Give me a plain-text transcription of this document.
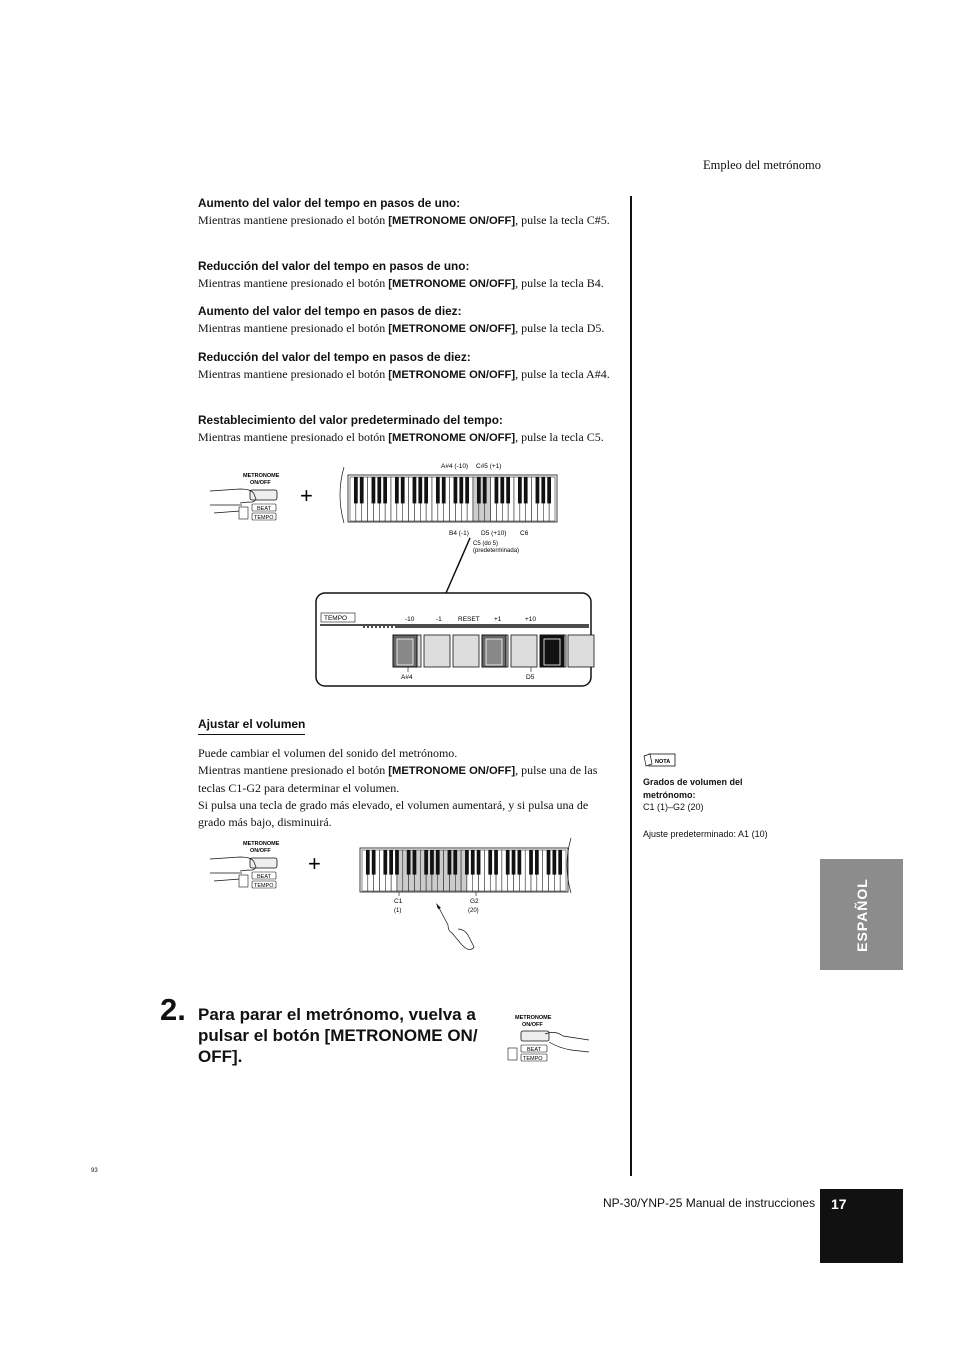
Empleo del metrónomo

Aumento del valor del tempo en pasos de uno:

Mientras mantiene presionado el botón [METRONOME ON/OFF], pulse la tecla C#5.

Reducción del valor del tempo en pasos de uno:

Mientras mantiene presionado el botón [METRONOME ON/OFF], pulse la tecla B4.

Aumento del valor del tempo en pasos de diez:

Mientras mantiene presionado el botón [METRONOME ON/OFF], pulse la tecla D5.

Reducción del valor del tempo en pasos de diez:

Mientras mantiene presionado el botón [METRONOME ON/OFF], pulse la tecla A#4.

Restablecimiento del valor predeterminado del tempo:

Mientras mantiene presionado el botón [METRONOME ON/OFF], pulse la tecla C5.

METRONOME
ON/OFF
BEAT
TEMPO
+
A#4 (-10) C#5 (+1)
B4 (-1) D5 (+10) C6
C5 (do 5)
(predeterminada)
TEMPO	-10	-1 RESET +1	+10
A#4	D5
Ajustar el volumen

Puede cambiar el volumen del sonido del metrónomo.

Mientras mantiene presionado el botón [METRONOME ON/OFF], pulse una de las teclas C1-G2 para determinar el volumen.

Si pulsa una tecla de grado más elevado, el volumen aumentará, y si pulsa una de grado más bajo, disminuirá.

METRONOME
ON/OFF
BEAT
TEMPO
+
C1
(1)
G2
(20)
2. Para parar el metrónomo, vuelva a pulsar el botón [METRONOME ON/ OFF].
METRONOME
ON/OFF
BEAT
TEMPO
NOTA
Grados de volumen del metrónomo:
C1 (1)–G2 (20)
Ajuste predeterminado: A1 (10)
ESPAÑOL
93
NP-30/YNP-25 Manual de instrucciones 17
